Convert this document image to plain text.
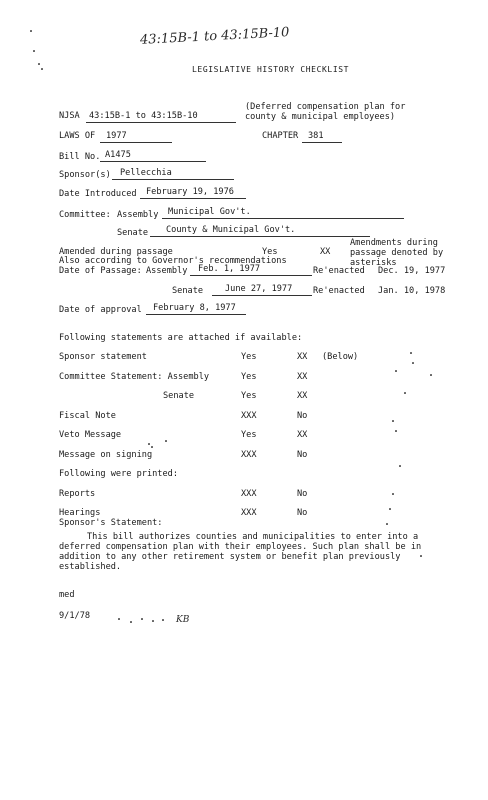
43:15B-1 to 43:15B-10
LEGISLATIVE HISTORY CHECKLIST
NJSA 43:15B-1 to 43:15B-10
(Deferred compensation plan for county & municipal employees)
LAWS OF 1977	CHAPTER 381
Bill No. A1475
Sponsor(s) Pellecchia
Date Introduced February 19, 1976
Committee: Assembly Municipal Gov't.
Senate County & Municipal Gov't.
Amended during passage	Yes	XX
Amendments during passage denoted by asterisks
Also according to Governor's recommendations
Date of Passage: Assembly Feb. 1, 1977	Re'enacted Dec. 19, 1977
Senate	June 27, 1977 Re'enacted Jan. 10, 1978
Date of approval February 8, 1977
Following statements are attached if available:
Sponsor statement	Yes	XX (Below)
Committee Statement: Assembly	Yes	XX
Senate	Yes	XX
Fiscal Note	XXX	No
Veto Message	Yes	XX
Message on signing	XXX	No
Following were printed:
Reports	XXX	No
Hearings	XXX	No
Sponsor's Statement:
This bill authorizes counties and municipalities to enter into a deferred compensation plan with their employees. Such plan shall be in addition to any other retirement system or benefit plan previously established.
med
9/1/78	KB
